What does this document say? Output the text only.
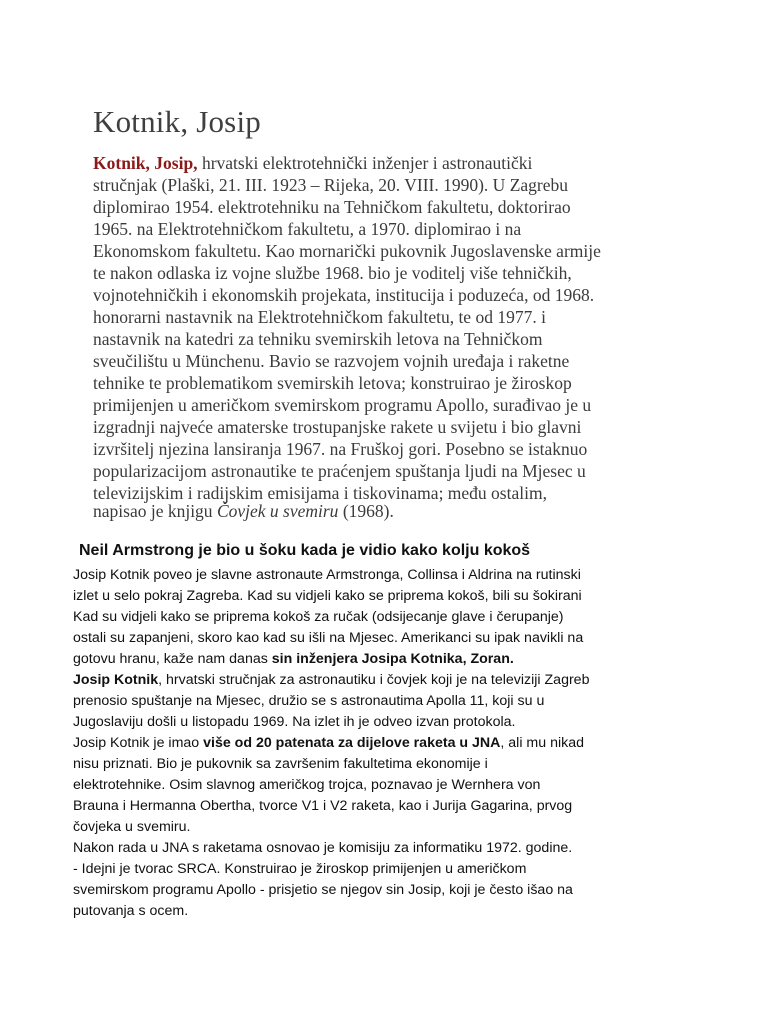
Kotnik, Josip
Kotnik, Josip, hrvatski elektrotehnički inženjer i astronautički
stručnjak (Plaški, 21. III. 1923 – Rijeka, 20. VIII. 1990). U Zagrebu
diplomirao 1954. elektrotehniku na Tehničkom fakultetu, doktorirao
1965. na Elektrotehničkom fakultetu, a 1970. diplomirao i na
Ekonomskom fakultetu. Kao mornarički pukovnik Jugoslavenske armije
te nakon odlaska iz vojne službe 1968. bio je voditelj više tehničkih,
vojnotehničkih i ekonomskih projekata, institucija i poduzeća, od 1968.
honorarni nastavnik na Elektrotehničkom fakultetu, te od 1977. i
nastavnik na katedri za tehniku svemirskih letova na Tehničkom
sveučilištu u Münchenu. Bavio se razvojem vojnih uređaja i raketne
tehnike te problematikom svemirskih letova; konstruirao je žiroskop
primijenjen u američkom svemirskom programu Apollo, surađivao je u
izgradnji najveće amaterske trostupanjske rakete u svijetu i bio glavni
izvršitelj njezina lansiranja 1967. na Fruškoj gori. Posebno se istaknuo
popularizacijom astronautike te praćenjem spuštanja ljudi na Mjesec u
televizijskim i radijskim emisijama i tiskovinama; među ostalim,
napisao je knjigu Čovjek u svemiru (1968).
Neil Armstrong je bio u šoku kada je vidio kako kolju kokoš
Josip Kotnik poveo je slavne astronaute Armstronga, Collinsa i Aldrina na rutinski
izlet u selo pokraj Zagreba. Kad su vidjeli kako se priprema kokoš, bili su šokirani
Kad su vidjeli kako se priprema kokoš za ručak (odsijecanje glave i čerupanje)
ostali su zapanjeni, skoro kao kad su išli na Mjesec. Amerikanci su ipak navikli na
gotovu hranu, kaže nam danas sin inženjera Josipa Kotnika, Zoran.
Josip Kotnik, hrvatski stručnjak za astronautiku i čovjek koji je na televiziji Zagreb
prenosio spuštanje na Mjesec, družio se s astronautima Apolla 11, koji su u
Jugoslaviju došli u listopadu 1969. Na izlet ih je odveo izvan protokola.
Josip Kotnik je imao više od 20 patenata za dijelove raketa u JNA, ali mu nikad
nisu priznati. Bio je pukovnik sa završenim fakultetima ekonomije i
elektrotehnike. Osim slavnog američkog trojca, poznavao je Wernhera von
Brauna i Hermanna Obertha, tvorce V1 i V2 raketa, kao i Jurija Gagarina, prvog
čovjeka u svemiru.
Nakon rada u JNA s raketama osnovao je komisiju za informatiku 1972. godine.
- Idejni je tvorac SRCA. Konstruirao je žiroskop primijenjen u američkom
svemirskom programu Apollo - prisjetio se njegov sin Josip, koji je često išao na
putovanja s ocem.
